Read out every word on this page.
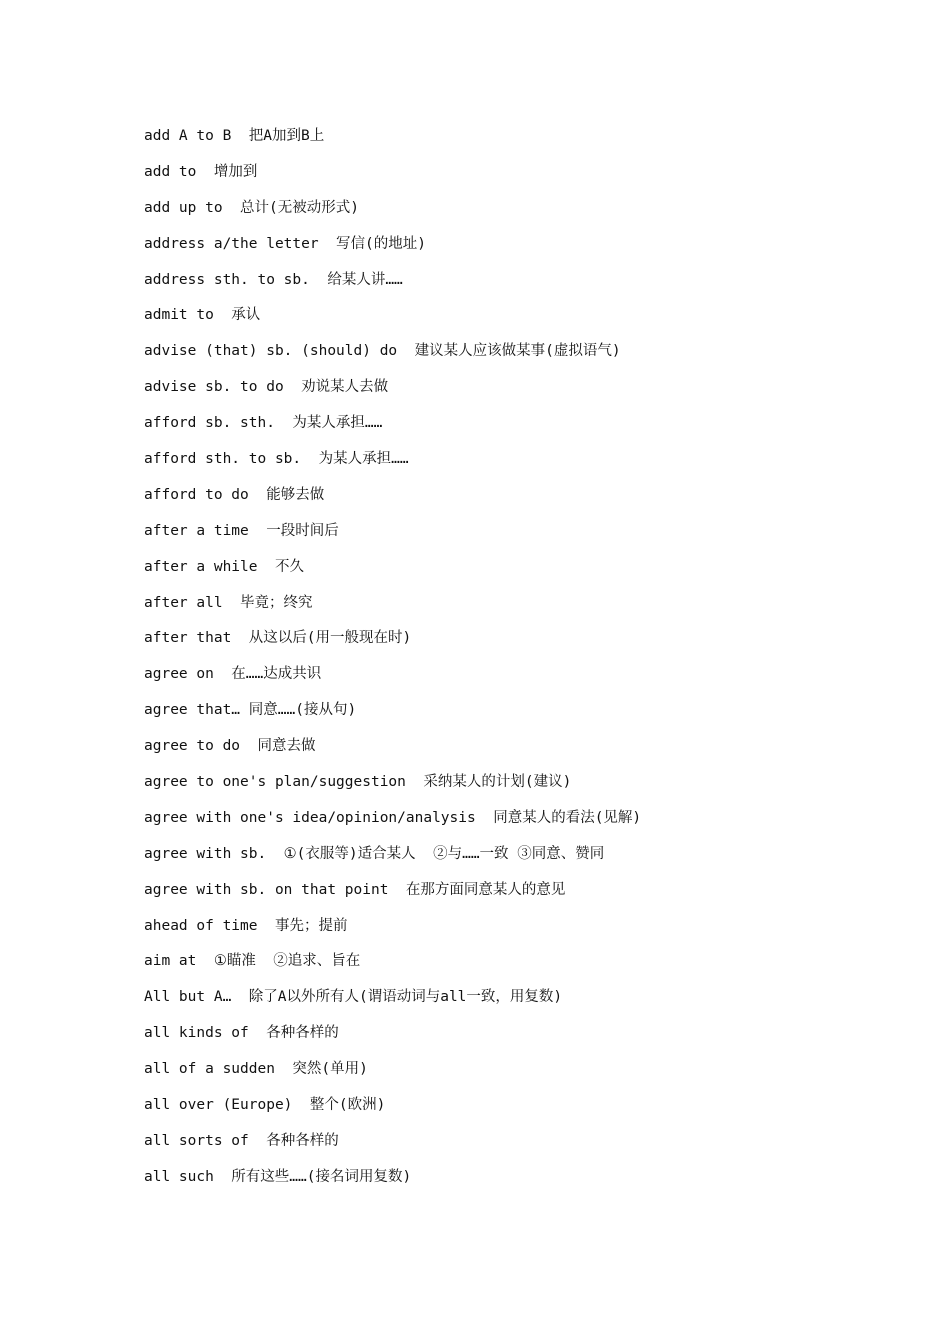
add A to B  把A加到B上
add to  增加到
add up to  总计(无被动形式)
address a/the letter  写信(的地址)
address sth. to sb.  给某人讲……
admit to  承认
advise (that) sb. (should) do  建议某人应该做某事(虚拟语气)
advise sb. to do  劝说某人去做
afford sb. sth.  为某人承担……
afford sth. to sb.  为某人承担……
afford to do  能够去做
after a time  一段时间后
after a while  不久
after all  毕竟；终究
after that  从这以后(用一般现在时)
agree on  在……达成共识
agree that… 同意……(接从句)
agree to do  同意去做
agree to one's plan/suggestion  采纳某人的计划(建议)
agree with one's idea/opinion/analysis  同意某人的看法(见解)
agree with sb.  ①(衣服等)适合某人  ②与……一致 ③同意、赞同
agree with sb. on that point  在那方面同意某人的意见
ahead of time  事先；提前
aim at  ①瞄准  ②追求、旨在
All but A…  除了A以外所有人(谓语动词与all一致，用复数)
all kinds of  各种各样的
all of a sudden  突然(单用)
all over (Europe)  整个(欧洲)
all sorts of  各种各样的
all such  所有这些……(接名词用复数)
